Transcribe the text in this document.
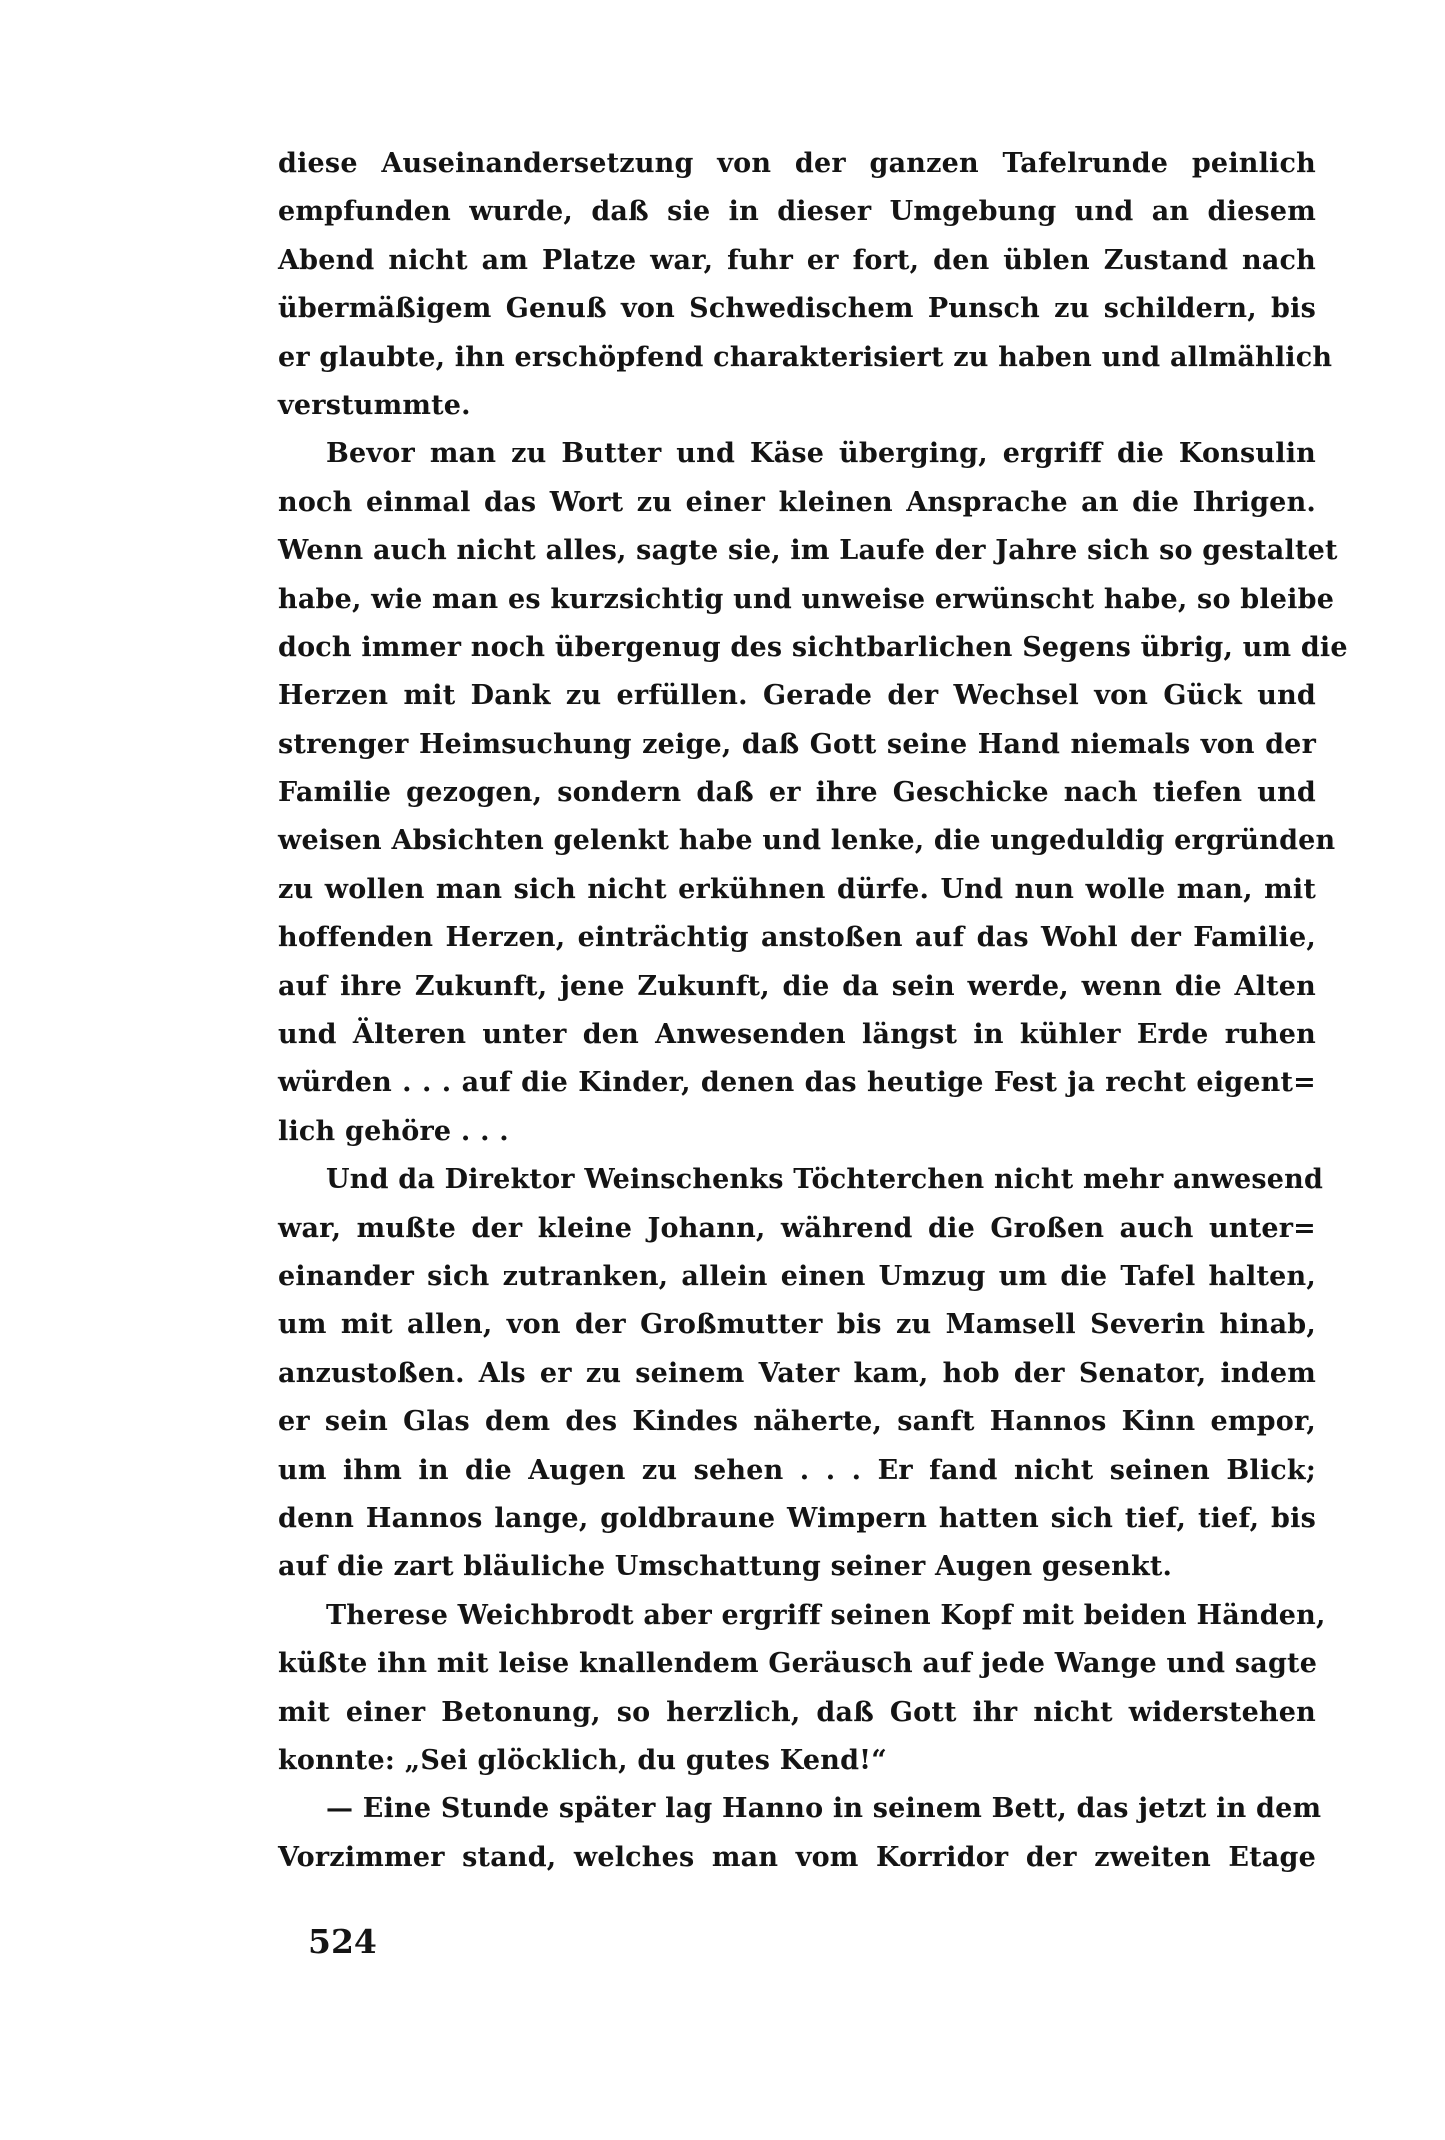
diese Auseinandersetzung von der ganzen Tafelrunde peinlich
empfunden wurde, daß sie in dieser Umgebung und an diesem
Abend nicht am Platze war, fuhr er fort, den üblen Zustand nach
übermäßigem Genuß von Schwedischem Punsch zu schildern, bis
er glaubte, ihn erschöpfend charakterisiert zu haben und allmählich
verstummte.
Bevor man zu Butter und Käse überging, ergriff die Konsulin
noch einmal das Wort zu einer kleinen Ansprache an die Ihrigen.
Wenn auch nicht alles, sagte sie, im Laufe der Jahre sich so gestaltet
habe, wie man es kurzsichtig und unweise erwünscht habe, so bleibe
doch immer noch übergenug des sichtbarlichen Segens übrig, um die
Herzen mit Dank zu erfüllen. Gerade der Wechsel von Gück und
strenger Heimsuchung zeige, daß Gott seine Hand niemals von der
Familie gezogen, sondern daß er ihre Geschicke nach tiefen und
weisen Absichten gelenkt habe und lenke, die ungeduldig ergründen
zu wollen man sich nicht erkühnen dürfe. Und nun wolle man, mit
hoffenden Herzen, einträchtig anstoßen auf das Wohl der Familie,
auf ihre Zukunft, jene Zukunft, die da sein werde, wenn die Alten
und Älteren unter den Anwesenden längst in kühler Erde ruhen
würden . . . auf die Kinder, denen das heutige Fest ja recht eigent=
lich gehöre . . .
Und da Direktor Weinschenks Töchterchen nicht mehr anwesend
war, mußte der kleine Johann, während die Großen auch unter=
einander sich zutranken, allein einen Umzug um die Tafel halten,
um mit allen, von der Großmutter bis zu Mamsell Severin hinab,
anzustoßen. Als er zu seinem Vater kam, hob der Senator, indem
er sein Glas dem des Kindes näherte, sanft Hannos Kinn empor,
um ihm in die Augen zu sehen . . . Er fand nicht seinen Blick;
denn Hannos lange, goldbraune Wimpern hatten sich tief, tief, bis
auf die zart bläuliche Umschattung seiner Augen gesenkt.
Therese Weichbrodt aber ergriff seinen Kopf mit beiden Händen,
küßte ihn mit leise knallendem Geräusch auf jede Wange und sagte
mit einer Betonung, so herzlich, daß Gott ihr nicht widerstehen
konnte: „Sei glöcklich, du gutes Kend!“
— Eine Stunde später lag Hanno in seinem Bett, das jetzt in dem
Vorzimmer stand, welches man vom Korridor der zweiten Etage
524
